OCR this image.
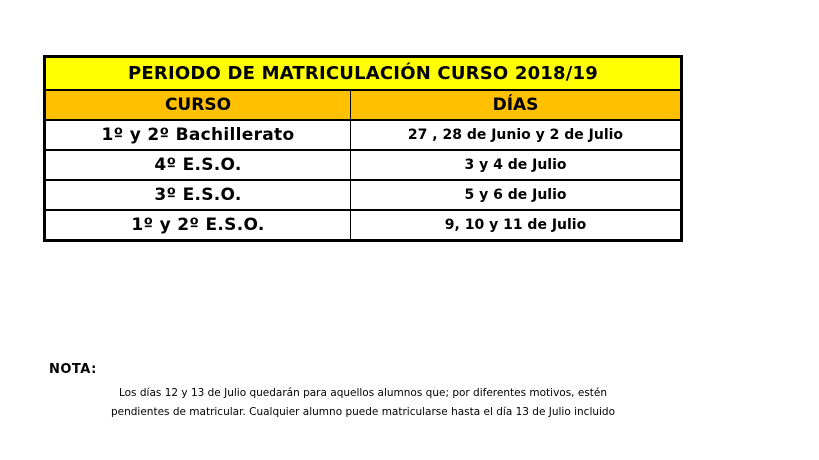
PERIODO DE MATRICULACIÓN CURSO 2018/19	
CURSO	DÍAS
1º y 2º Bachillerato	27 , 28 de Junio y 2 de Julio
4º E.S.O.	3 y 4 de Julio
3º E.S.O.	5 y 6 de Julio
1º y 2º E.S.O.	9, 10 y 11 de Julio
NOTA:
Los días 12 y 13 de Julio quedarán para aquellos alumnos que; por diferentes motivos, estén
pendientes de matricular. Cualquier alumno puede matricularse hasta el día 13 de Julio incluido
